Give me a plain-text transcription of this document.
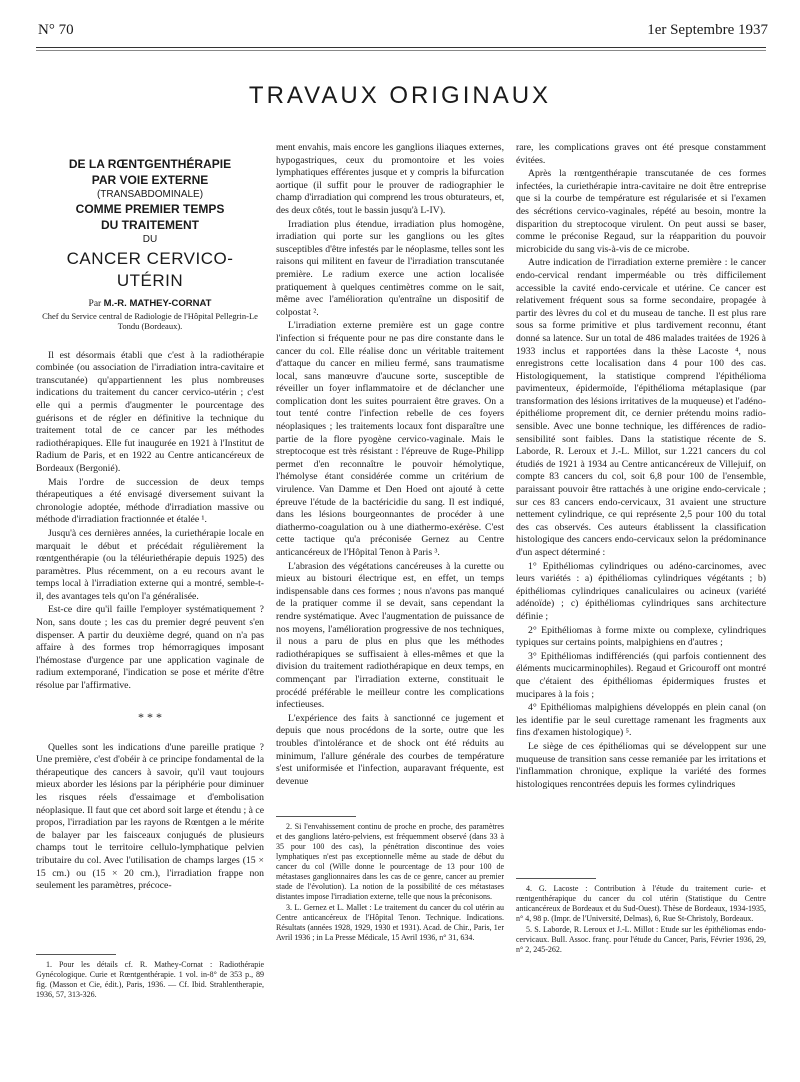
N° 70	1er Septembre 1937
TRAVAUX ORIGINAUX
DE LA RŒNTGENTHÉRAPIE
PAR VOIE EXTERNE
(TRANSABDOMINALE)
COMME PREMIER TEMPS
DU TRAITEMENT
DU
CANCER CERVICO-UTÉRIN
Par M.-R. MATHEY-CORNAT
Chef du Service central de Radiologie de l'Hôpital Pellegrin-Le Tondu (Bordeaux).

Il est désormais établi que c'est à la radiothérapie combinée (ou association de l'irradiation intra-cavitaire et transcutanée) qu'appartiennent les plus nombreuses indications du traitement du cancer cervico-utérin ; c'est elle qui a permis d'augmenter le pourcentage des guérisons et de régler en définitive la technique du traitement total de ce cancer par les méthodes radiothérapiques. Elle fut inaugurée en 1921 à l'Institut de Radium de Paris, et en 1922 au Centre anticancéreux de Bordeaux (Bergonié).

Mais l'ordre de succession de deux temps thérapeutiques a été envisagé diversement suivant la chronologie adoptée, méthode d'irradiation massive ou méthode d'irradiation fractionnée et étalée ¹.

Jusqu'à ces dernières années, la curiethérapie locale en marquait le début et précédait régulièrement la rœntgenthérapie (ou la téléuriethérapie depuis 1925) des paramètres. Plus récemment, on a eu recours avant le temps local à l'irradiation externe qui a montré, semble-t-il, des avantages tels qu'on l'a généralisée.

Est-ce dire qu'il faille l'employer systématiquement ? Non, sans doute ; les cas du premier degré peuvent s'en dispenser. A partir du deuxième degré, quand on n'a pas affaire à des formes trop hémorragiques imposant l'hémostase d'urgence par une application vaginale de radium extemporané, l'indication se pose et mérite d'être résolue par l'affirmative.

* * *

Quelles sont les indications d'une pareille pratique ? Une première, c'est d'obéir à ce principe fondamental de la thérapeutique des cancers à savoir, qu'il vaut toujours mieux aborder les lésions par la périphérie pour diminuer les risques réels d'essaimage et d'embolisation néoplasique. Il faut que cet abord soit large et étendu ; à ce propos, l'irradiation par les rayons de Rœntgen a le mérite de balayer par les faisceaux conjugués de plusieurs champs tout le territoire cellulo-lymphatique pelvien tributaire du col. Avec l'utilisation de champs larges (15 × 15 cm.) ou (15 × 20 cm.), l'irradiation frappe non seulement les paramètres, précoce-

ment envahis, mais encore les ganglions iliaques externes, hypogastriques, ceux du promontoire et les voies lymphatiques efférentes jusque et y compris la bifurcation aortique (il suffit pour le prouver de radiographier le champ d'irradiation qui comprend les trous obturateurs, et, des deux côtés, tout le bassin jusqu'à L-IV).

Irradiation plus étendue, irradiation plus homogène, irradiation qui porte sur les ganglions ou les gîtes susceptibles d'être infestés par le néoplasme, telles sont les raisons qui militent en faveur de l'irradiation transcutanée première. Le radium exerce une action localisée pratiquement à quelques centimètres comme on le sait, même avec l'amélioration qu'entraîne un dispositif de colpostat ².

L'irradiation externe première est un gage contre l'infection si fréquente pour ne pas dire constante dans le cancer du col. Elle réalise donc un véritable traitement d'attaque du cancer en milieu fermé, sans traumatisme local, sans manœuvre d'aucune sorte, susceptible de réveiller un foyer inflammatoire et de déclancher une complication dont les suites pourraient être graves. On a tout tenté contre l'infection rebelle de ces foyers néoplasiques ; les traitements locaux font disparaître une partie de la flore pyogène cervico-vaginale. Mais le streptocoque est très résistant : l'épreuve de Ruge-Philipp permet d'en reconnaître le pouvoir hémolytique, l'hémolyse étant considérée comme un critérium de virulence. Van Damme et Den Hoed ont ajouté à cette épreuve l'étude de la bactéricidie du sang. Il est indiqué, dans les lésions bourgeonnantes de procéder à une diathermo-coagulation ou à une diathermo-exérèse. C'est cette tactique qu'a préconisée Gernez au Centre anticancéreux de l'Hôpital Tenon à Paris ³.

L'abrasion des végétations cancéreuses à la curette ou mieux au bistouri électrique est, en effet, un temps indispensable dans ces formes ; nous n'avons pas manqué de la pratiquer comme il se devait, sans cependant la rendre systématique. Avec l'augmentation de puissance de nos moyens, l'amélioration progressive de nos techniques, il nous a paru de plus en plus que les méthodes radiothérapiques se suffisaient à elles-mêmes et que la division du traitement radiothérapique en deux temps, en commençant par l'irradiation externe, constituait le procédé préférable le meilleur contre les complications infectieuses.

L'expérience des faits à sanctionné ce jugement et depuis que nous procédons de la sorte, outre que les troubles d'intolérance et de shock ont été réduits au minimum, l'allure générale des courbes de température s'est uniformisée et l'infection, auparavant fréquente, est devenue

rare, les complications graves ont été presque constamment évitées.

Après la rœntgenthérapie transcutanée de ces formes infectées, la curiethérapie intra-cavitaire ne doit être entreprise que si la courbe de température est régularisée et si l'examen des sécrétions cervico-vaginales, répété au besoin, montre la disparition du streptocoque virulent. On peut aussi se baser, comme le préconise Regaud, sur la réapparition du pouvoir microbicide du sang vis-à-vis de ce microbe.

Autre indication de l'irradiation externe première : le cancer endo-cervical rendant imperméable ou très difficilement accessible la cavité endo-cervicale et utérine. Ce cancer est relativement fréquent sous sa forme secondaire, propagée à partir des lèvres du col et du museau de tanche. Il est plus rare sous sa forme primitive et plus tardivement reconnu, étant donné sa latence. Sur un total de 486 malades traitées de 1926 à 1933 inclus et rapportées dans la thèse Lacoste ⁴, nous enregistrons cette localisation dans 4 pour 100 des cas. Histologiquement, la statistique comprend l'épithélioma pavimenteux, épidermoïde, l'épithélioma métaplasique (par transformation des lésions irritatives de la muqueuse) et l'adéno-épithéliome proprement dit, ce dernier prétendu moins radio-sensible. Avec une bonne technique, les différences de radio-sensibilité sont faibles. Dans la statistique récente de S. Laborde, R. Leroux et J.-L. Millot, sur 1.221 cancers du col étudiés de 1921 à 1934 au Centre anticancéreux de Villejuif, on compte 83 cancers du col, soit 6,8 pour 100 de l'ensemble, paraissant pouvoir être rattachés à une origine endo-cervicale ; sur ces 83 cancers endo-cervicaux, 31 avaient une structure nettement cylindrique, ce qui représente 2,5 pour 100 du total des cas observés. Ces auteurs établissent la classification histologique des cancers endo-cervicaux selon la prédominance d'un aspect déterminé :

1° Epithéliomas cylindriques ou adéno-carcinomes, avec leurs variétés : a) épithéliomas cylindriques végétants ; b) épithéliomas cylindriques canaliculaires ou acineux (variété adénoïde) ; c) épithéliomas cylindriques sans architecture définie ;

2° Epithéliomas à forme mixte ou complexe, cylindriques typiques sur certains points, malpighiens en d'autres ;

3° Epithéliomas indifférenciés (qui parfois contiennent des éléments mucicarminophiles). Regaud et Gricouroff ont montré que c'étaient des épithéliomas épidermiques frustes et mucipares à la fois ;

4° Epithéliomas malpighiens développés en plein canal (on les identifie par le seul curettage ramenant les fragments aux fins d'examen histologique) ⁵.

Le siège de ces épithéliomas qui se développent sur une muqueuse de transition sans cesse remaniée par les irritations et l'inflammation chronique, explique la variété des formes histologiques rencontrées depuis les formes cylindriques

1. Pour les détails cf. R. Mathey-Cornat : Radiothérapie Gynécologique. Curie et Rœntgenthérapie. 1 vol. in-8° de 353 p., 89 fig. (Masson et Cie, édit.), Paris, 1936. — Cf. Ibid. Strahlentherapie, 1936, 57, 313-326.

2. Si l'envahissement continu de proche en proche, des paramètres et des ganglions latéro-pelviens, est fréquemment observé (dans 33 à 35 pour 100 des cas), la pénétration discontinue des voies lymphatiques n'est pas exceptionnelle même au stade de début du cancer du col (Wille donne le pourcentage de 13 pour 100 de métastases ganglionnaires dans les cas de ce genre, cancer au premier stade de l'évolution). La notion de la possibilité de ces métastases distantes impose l'irradiation externe, telle que nous la préconisons.

3. L. Gernez et L. Mallet : Le traitement du cancer du col utérin au Centre anticancéreux de l'Hôpital Tenon. Technique. Indications. Résultats (années 1928, 1929, 1930 et 1931). Acad. de Chir., Paris, 1er Avril 1936 ; in La Presse Médicale, 15 Avril 1936, n° 31, 634.

4. G. Lacoste : Contribution à l'étude du traitement curie- et rœntgenthérapique du cancer du col utérin (Statistique du Centre anticancéreux de Bordeaux et du Sud-Ouest). Thèse de Bordeaux, 1934-1935, n° 4, 98 p. (Impr. de l'Université, Delmas), 6, Rue St-Christoly, Bordeaux.

5. S. Laborde, R. Leroux et J.-L. Millot : Etude sur les épithéliomas endo-cervicaux. Bull. Assoc. franç. pour l'étude du Cancer, Paris, Février 1936, 29, n° 2, 245-262.
